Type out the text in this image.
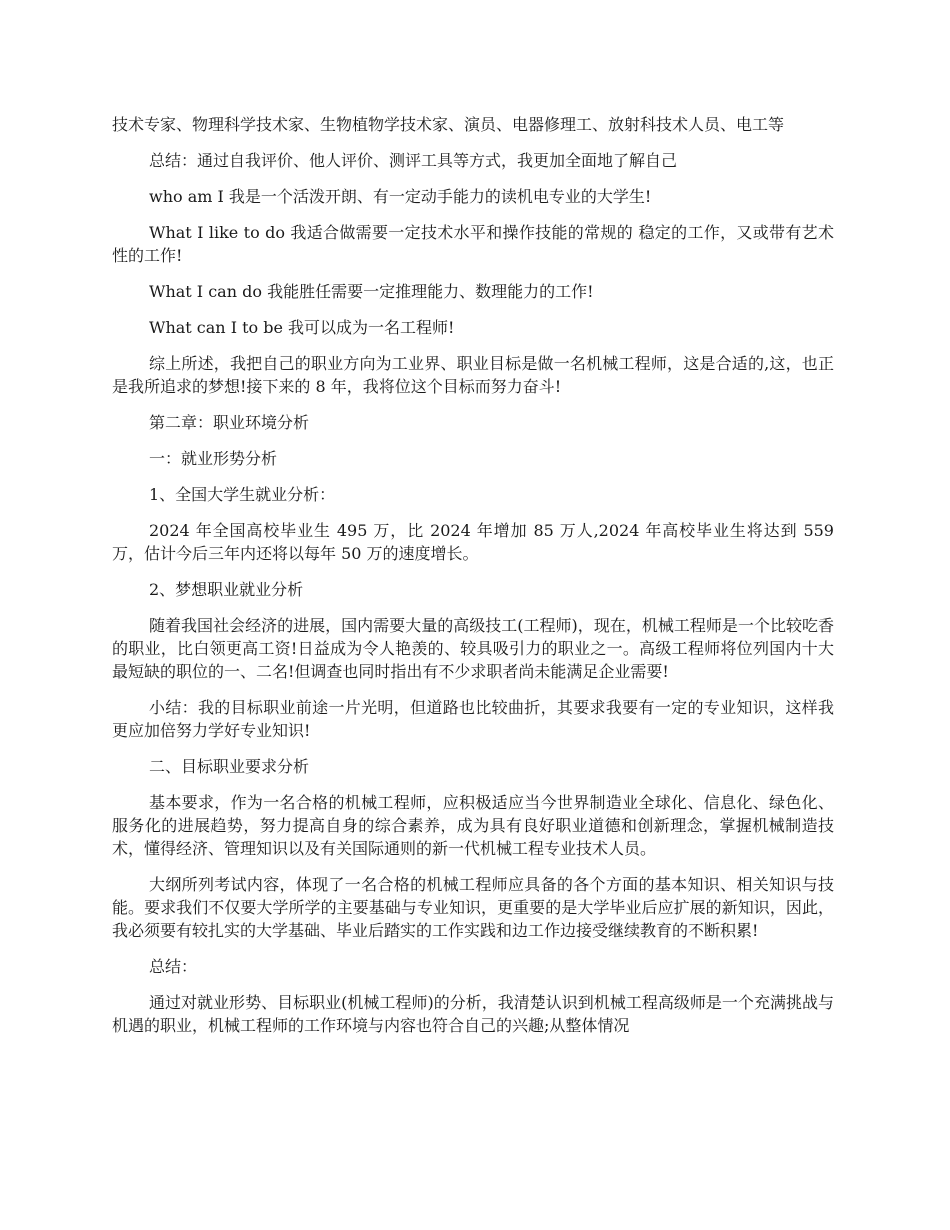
技术专家、物理科学技术家、生物植物学技术家、演员、电器修理工、放射科技术人员、电工等

总结：通过自我评价、他人评价、测评工具等方式，我更加全面地了解自己

who am I 我是一个活泼开朗、有一定动手能力的读机电专业的大学生!

What I like to do 我适合做需要一定技术水平和操作技能的常规的 稳定的工作，又或带有艺术性的工作!

What I can do 我能胜任需要一定推理能力、数理能力的工作!

What can I to be 我可以成为一名工程师!

综上所述，我把自己的职业方向为工业界、职业目标是做一名机械工程师，这是合适的,这，也正是我所追求的梦想!接下来的 8 年，我将位这个目标而努力奋斗!

第二章：职业环境分析

一：就业形势分析

1、全国大学生就业分析：

2024 年全国高校毕业生 495 万，比 2024 年增加 85 万人,2024 年高校毕业生将达到 559 万，估计今后三年内还将以每年 50 万的速度增长。

2、梦想职业就业分析

随着我国社会经济的进展，国内需要大量的高级技工(工程师)，现在，机械工程师是一个比较吃香的职业，比白领更高工资!日益成为令人艳羡的、较具吸引力的职业之一。高级工程师将位列国内十大最短缺的职位的一、二名!但调查也同时指出有不少求职者尚未能满足企业需要!

小结：我的目标职业前途一片光明，但道路也比较曲折，其要求我要有一定的专业知识，这样我更应加倍努力学好专业知识!

二、目标职业要求分析

基本要求，作为一名合格的机械工程师，应积极适应当今世界制造业全球化、信息化、绿色化、服务化的进展趋势，努力提高自身的综合素养，成为具有良好职业道德和创新理念，掌握机械制造技术，懂得经济、管理知识以及有关国际通则的新一代机械工程专业技术人员。

大纲所列考试内容，体现了一名合格的机械工程师应具备的各个方面的基本知识、相关知识与技能。要求我们不仅要大学所学的主要基础与专业知识，更重要的是大学毕业后应扩展的新知识，因此，我必须要有较扎实的大学基础、毕业后踏实的工作实践和边工作边接受继续教育的不断积累!

总结：

通过对就业形势、目标职业(机械工程师)的分析，我清楚认识到机械工程高级师是一个充满挑战与机遇的职业，机械工程师的工作环境与内容也符合自己的兴趣;从整体情况
